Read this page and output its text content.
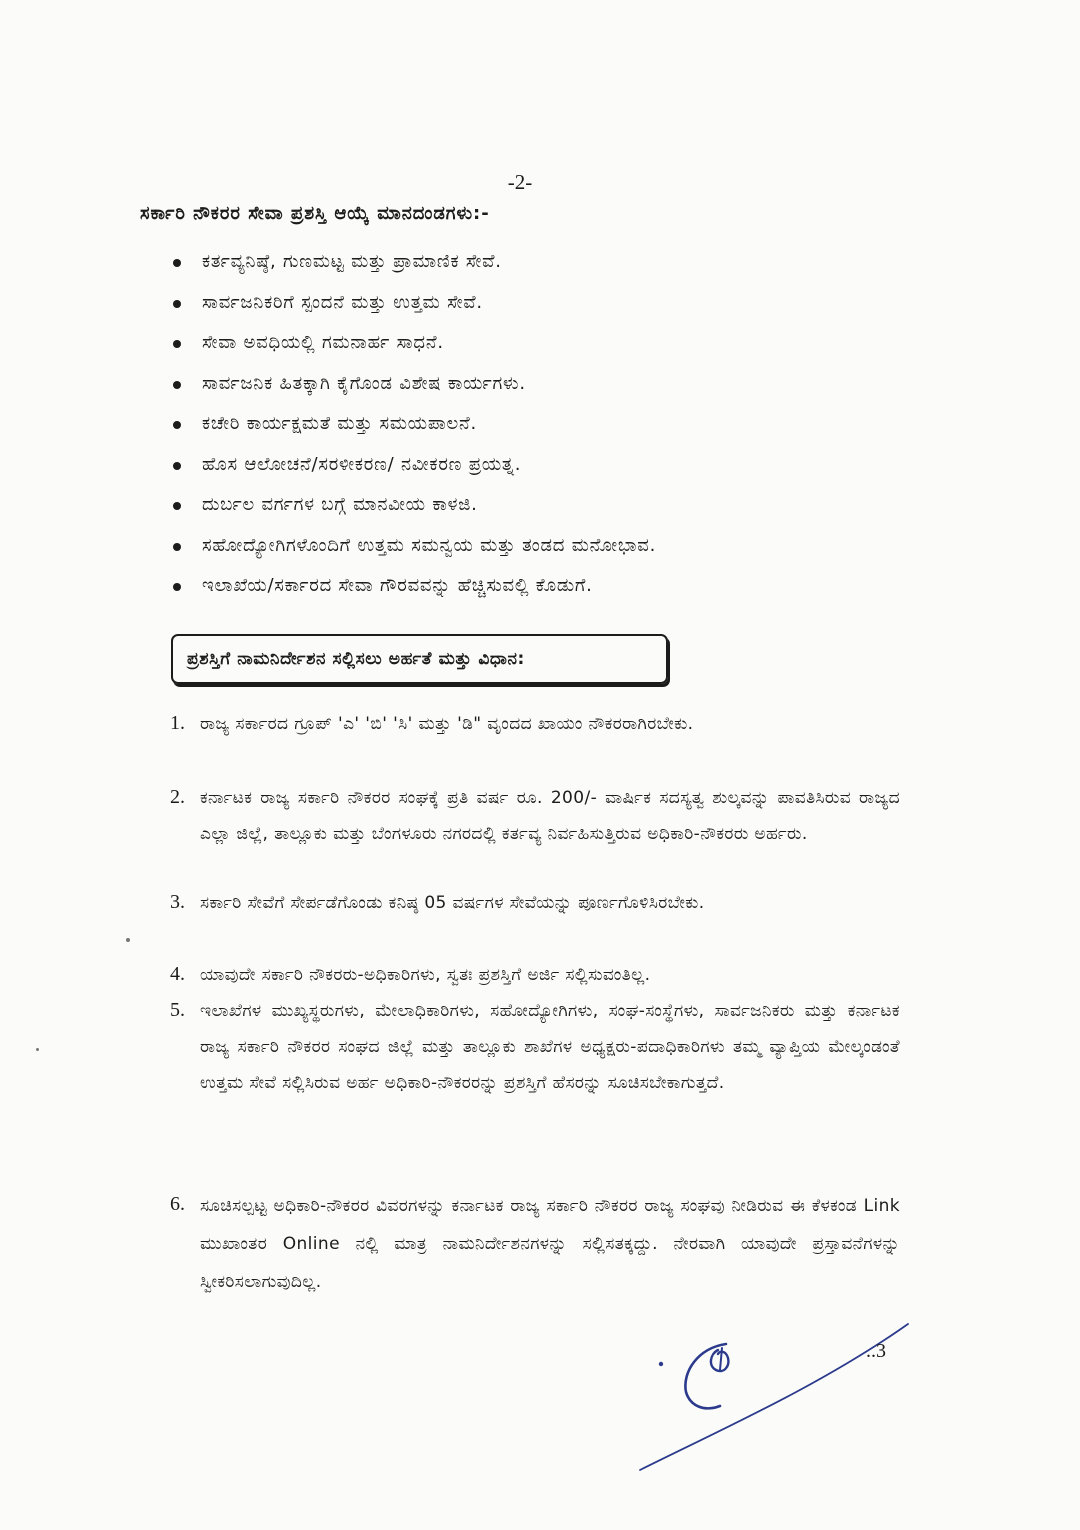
-2-
ಸರ್ಕಾರಿ ನೌಕರರ ಸೇವಾ ಪ್ರಶಸ್ತಿ ಆಯ್ಕೆ ಮಾನದಂಡಗಳು:-
ಕರ್ತವ್ಯನಿಷ್ಠೆ, ಗುಣಮಟ್ಟ ಮತ್ತು ಪ್ರಾಮಾಣಿಕ ಸೇವೆ.
ಸಾರ್ವಜನಿಕರಿಗೆ ಸ್ಪಂದನೆ ಮತ್ತು ಉತ್ತಮ ಸೇವೆ.
ಸೇವಾ ಅವಧಿಯಲ್ಲಿ ಗಮನಾರ್ಹ ಸಾಧನೆ.
ಸಾರ್ವಜನಿಕ ಹಿತಕ್ಕಾಗಿ ಕೈಗೊಂಡ ವಿಶೇಷ ಕಾರ್ಯಗಳು.
ಕಚೇರಿ ಕಾರ್ಯಕ್ಷಮತೆ ಮತ್ತು ಸಮಯಪಾಲನೆ.
ಹೊಸ ಆಲೋಚನೆ/ಸರಳೀಕರಣ/ ನವೀಕರಣ ಪ್ರಯತ್ನ.
ದುರ್ಬಲ ವರ್ಗಗಳ ಬಗ್ಗೆ ಮಾನವೀಯ ಕಾಳಜಿ.
ಸಹೋದ್ಯೋಗಿಗಳೊಂದಿಗೆ ಉತ್ತಮ ಸಮನ್ವಯ ಮತ್ತು ತಂಡದ ಮನೋಭಾವ.
ಇಲಾಖೆಯ/ಸರ್ಕಾರದ ಸೇವಾ ಗೌರವವನ್ನು ಹೆಚ್ಚಿಸುವಲ್ಲಿ ಕೊಡುಗೆ.
ಪ್ರಶಸ್ತಿಗೆ ನಾಮನಿರ್ದೇಶನ ಸಲ್ಲಿಸಲು ಅರ್ಹತೆ ಮತ್ತು ವಿಧಾನ:
1. ರಾಜ್ಯ ಸರ್ಕಾರದ ಗ್ರೂಪ್ 'ಎ' 'ಬಿ' 'ಸಿ' ಮತ್ತು 'ಡಿ" ವೃಂದದ ಖಾಯಂ ನೌಕರರಾಗಿರಬೇಕು.
2. ಕರ್ನಾಟಕ ರಾಜ್ಯ ಸರ್ಕಾರಿ ನೌಕರರ ಸಂಘಕ್ಕೆ ಪ್ರತಿ ವರ್ಷ ರೂ. 200/- ವಾರ್ಷಿಕ ಸದಸ್ಯತ್ವ ಶುಲ್ಕವನ್ನು ಪಾವತಿಸಿರುವ ರಾಜ್ಯದ ಎಲ್ಲಾ ಜಿಲ್ಲೆ, ತಾಲ್ಲೂಕು ಮತ್ತು ಬೆಂಗಳೂರು ನಗರದಲ್ಲಿ ಕರ್ತವ್ಯ ನಿರ್ವಹಿಸುತ್ತಿರುವ ಅಧಿಕಾರಿ-ನೌಕರರು ಅರ್ಹರು.
3. ಸರ್ಕಾರಿ ಸೇವೆಗೆ ಸೇರ್ಪಡೆಗೊಂಡು ಕನಿಷ್ಠ 05 ವರ್ಷಗಳ ಸೇವೆಯನ್ನು ಪೂರ್ಣಗೊಳಿಸಿರಬೇಕು.
4. ಯಾವುದೇ ಸರ್ಕಾರಿ ನೌಕರರು-ಅಧಿಕಾರಿಗಳು, ಸ್ವತಃ ಪ್ರಶಸ್ತಿಗೆ ಅರ್ಜಿ ಸಲ್ಲಿಸುವಂತಿಲ್ಲ.
5. ಇಲಾಖೆಗಳ ಮುಖ್ಯಸ್ಥರುಗಳು, ಮೇಲಾಧಿಕಾರಿಗಳು, ಸಹೋದ್ಯೋಗಿಗಳು, ಸಂಘ-ಸಂಸ್ಥೆಗಳು, ಸಾರ್ವಜನಿಕರು ಮತ್ತು ಕರ್ನಾಟಕ ರಾಜ್ಯ ಸರ್ಕಾರಿ ನೌಕರರ ಸಂಘದ ಜಿಲ್ಲೆ ಮತ್ತು ತಾಲ್ಲೂಕು ಶಾಖೆಗಳ ಅಧ್ಯಕ್ಷರು-ಪದಾಧಿಕಾರಿಗಳು ತಮ್ಮ ವ್ಯಾಪ್ತಿಯ ಮೇಲ್ಕಂಡಂತೆ ಉತ್ತಮ ಸೇವೆ ಸಲ್ಲಿಸಿರುವ ಅರ್ಹ ಅಧಿಕಾರಿ-ನೌಕರರನ್ನು ಪ್ರಶಸ್ತಿಗೆ ಹೆಸರನ್ನು ಸೂಚಿಸಬೇಕಾಗುತ್ತದೆ.
6. ಸೂಚಿಸಲ್ಪಟ್ಟ ಅಧಿಕಾರಿ-ನೌಕರರ ವಿವರಗಳನ್ನು ಕರ್ನಾಟಕ ರಾಜ್ಯ ಸರ್ಕಾರಿ ನೌಕರರ ರಾಜ್ಯ ಸಂಘವು ನೀಡಿರುವ ಈ ಕೆಳಕಂಡ Link ಮುಖಾಂತರ Online ನಲ್ಲಿ ಮಾತ್ರ ನಾಮನಿರ್ದೇಶನಗಳನ್ನು ಸಲ್ಲಿಸತಕ್ಕದ್ದು. ನೇರವಾಗಿ ಯಾವುದೇ ಪ್ರಸ್ತಾವನೆಗಳನ್ನು ಸ್ವೀಕರಿಸಲಾಗುವುದಿಲ್ಲ.
..3
